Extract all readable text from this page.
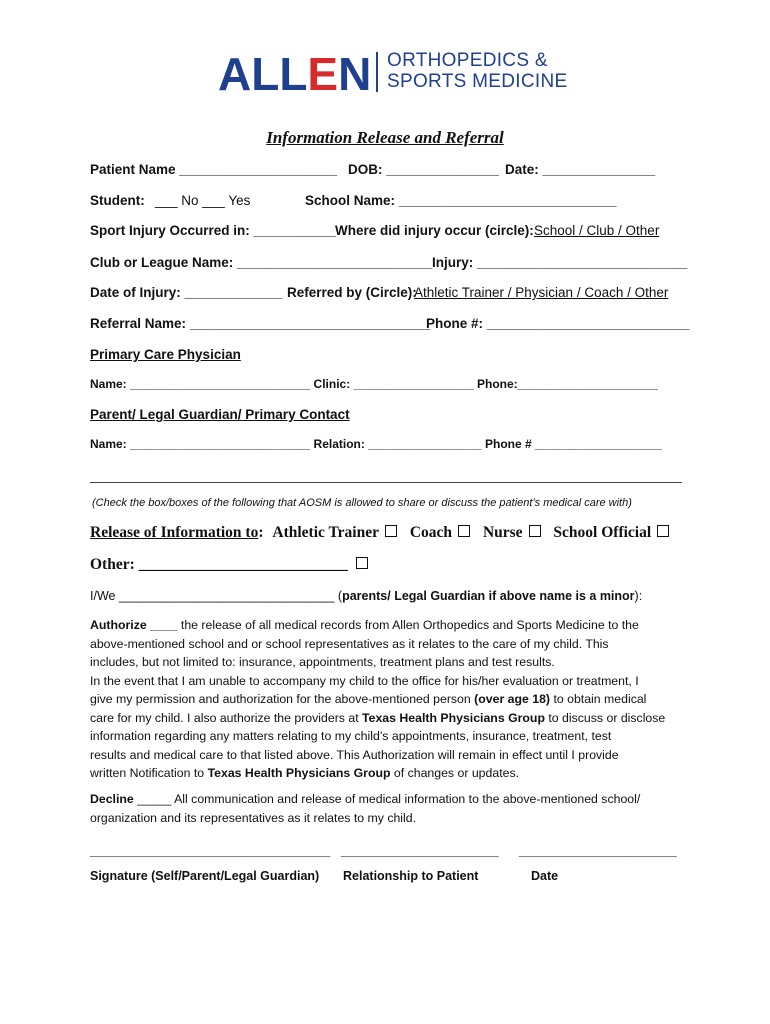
ALLEN ORTHOPEDICS &
SPORTS MEDICINE
Information Release and Referral
Patient Name _____________________ DOB: _______________ Date: _______________
Student: ___ No ___ Yes	School Name: _____________________________
Sport Injury Occurred in: ___________
Where did injury occur (circle): School / Club / Other
Club or League Name: __________________________ Injury: ____________________________
Date of Injury: _____________ Referred by (Circle):
Athletic Trainer / Physician / Coach / Other
Referral Name: ________________________________
Phone #: ___________________________
Primary Care Physician
Name: ___________________________ Clinic: __________________ Phone:_____________________
Parent/ Legal Guardian/ Primary Contact
Name: ___________________________ Relation: _________________ Phone # ___________________
(Check the box/boxes of the following that AOSM is allowed to share or discuss the patient’s medical care with)
Release of Information to: Athletic Trainer Coach Nurse School Official
Other: ___________________________
I/We _______________________________ (parents/ Legal Guardian if above name is a minor):
Authorize ____ the release of all medical records from Allen Orthopedics and Sports Medicine to the
above-mentioned school and or school representatives as it relates to the care of my child. This
includes, but not limited to: insurance, appointments, treatment plans and test results.
In the event that I am unable to accompany my child to the office for his/her evaluation or treatment, I
give my permission and authorization for the above-mentioned person (over age 18) to obtain medical
care for my child. I also authorize the providers at Texas Health Physicians Group to discuss or disclose
information regarding any matters relating to my child’s appointments, insurance, treatment, test
results and medical care to that listed above. This Authorization will remain in effect until I provide
written Notification to Texas Health Physicians Group of changes or updates.
Decline _____ All communication and release of medical information to the above-mentioned school/
organization and its representatives as it relates to my child.
________________________________ _____________________ _____________________
Signature (Self/Parent/Legal Guardian) Relationship to Patient	Date
